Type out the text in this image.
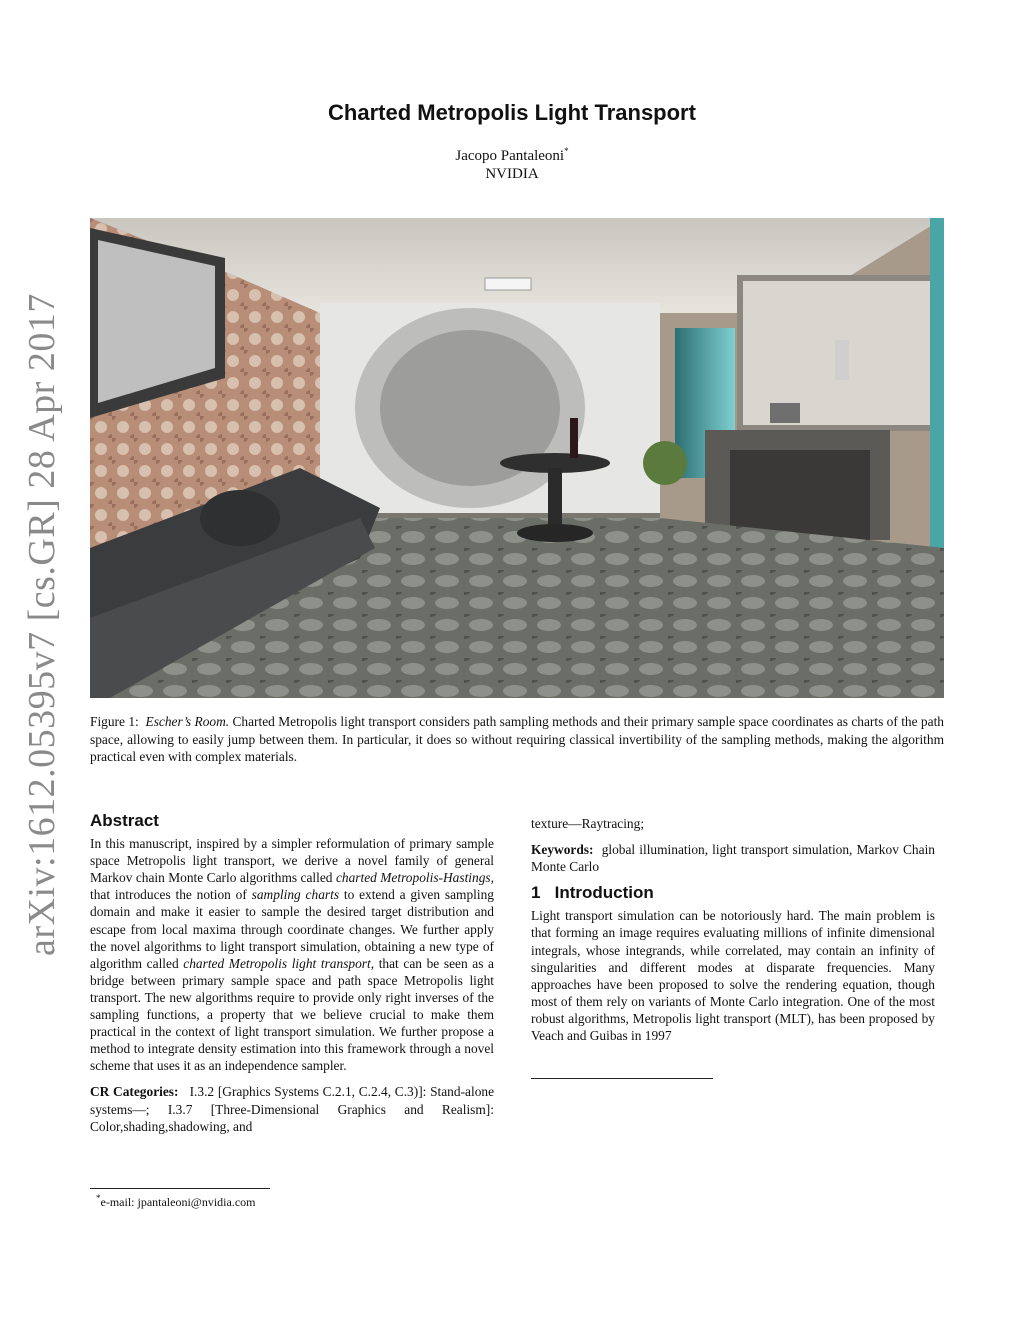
arXiv:1612.05395v7 [cs.GR] 28 Apr 2017
Charted Metropolis Light Transport
Jacopo Pantaleoni*
NVIDIA
Figure 1: Escher’s Room. Charted Metropolis light transport considers path sampling methods and their primary sample space coordinates as charts of the path space, allowing to easily jump between them. In particular, it does so without requiring classical invertibility of the sampling methods, making the algorithm practical even with complex materials.
Abstract

In this manuscript, inspired by a simpler reformulation of primary sample space Metropolis light transport, we derive a novel family of general Markov chain Monte Carlo algorithms called charted Metropolis-Hastings, that introduces the notion of sampling charts to extend a given sampling domain and make it easier to sample the desired target distribution and escape from local maxima through coordinate changes. We further apply the novel algorithms to light transport simulation, obtaining a new type of algorithm called charted Metropolis light transport, that can be seen as a bridge between primary sample space and path space Metropolis light transport. The new algorithms require to provide only right inverses of the sampling functions, a property that we believe crucial to make them practical in the context of light transport simulation. We further propose a method to integrate density estimation into this framework through a novel scheme that uses it as an independence sampler.

CR Categories: I.3.2 [Graphics Systems C.2.1, C.2.4, C.3)]: Stand-alone systems—; I.3.7 [Three-Dimensional Graphics and Realism]: Color,shading,shadowing, and

*e-mail: jpantaleoni@nvidia.com

texture—Raytracing;

Keywords: global illumination, light transport simulation, Markov Chain Monte Carlo

1 Introduction

Light transport simulation can be notoriously hard. The main problem is that forming an image requires evaluating millions of infinite dimensional integrals, whose integrands, while correlated, may contain an infinity of singularities and different modes at disparate frequencies. Many approaches have been proposed to solve the rendering equation, though most of them rely on variants of Monte Carlo integration. One of the most robust algorithms, Metropolis light transport (MLT), has been proposed by Veach and Guibas in 1997
